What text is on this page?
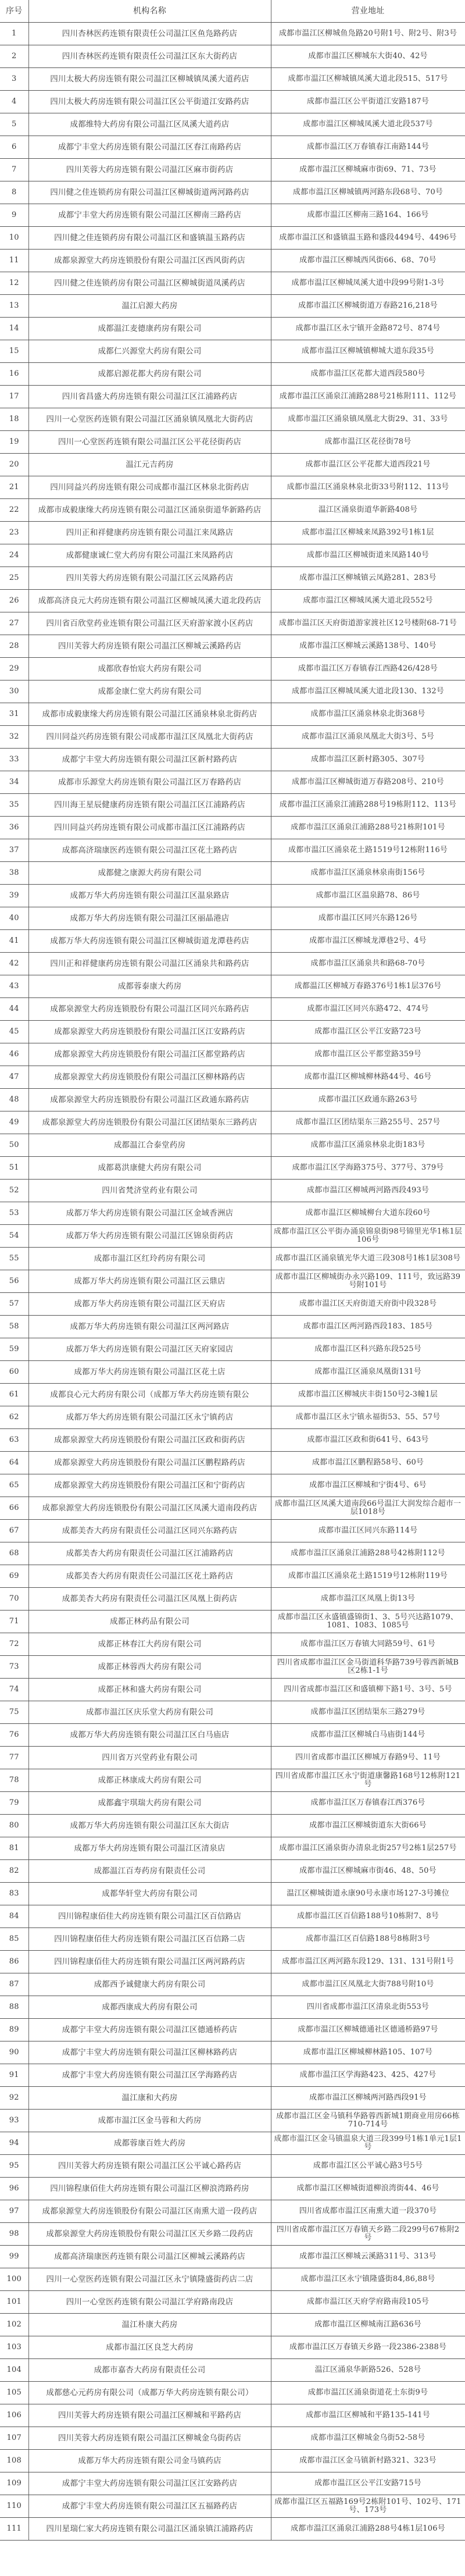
序号	机构名称	营业地址
1	四川杏林医药连锁有限责任公司温江区鱼凫路药店	成都市温江区柳城鱼凫路20号附1号、附2号、附3号
2	四川杏林医药连锁有限责任公司温江区东大街药店	成都市温江区柳城东大街40、42号
3	四川太极大药房连锁有限公司温江区柳城镇凤溪大道药店	成都市温江区柳城镇凤溪大道北段515、517号
4	四川太极大药房连锁有限公司温江区公平街道江安路药店	成都市温江区公平街道江安路187号
5	成都维特大药房有限公司温江区凤溪大道药店	成都市温江区柳城凤溪大道北段537号
6	成都宁丰堂大药房连锁有限公司温江区春江南路药店	成都市温江区万春镇春江南路144号
7	四川芙蓉大药房连锁有限公司温江区麻市街药店	成都市温江区柳城麻市街69、71、73号
8	四川健之佳连锁药房有限公司温江区柳城街道两河路药店	成都市温江区柳城镇两河路东段68号、70号
9	成都宁丰堂大药房连锁有限公司温江区柳南三路药店	成都市温江区柳南三路164、166号
10	四川健之佳连锁药房有限公司温江区和盛镇温玉路药店	成都市温江区和盛镇温玉路和盛段4494号、4496号
11	成都泉源堂大药房连锁股份有限公司温江区西风街药店	成都市温江区柳城西风街66、68、70号
12	四川健之佳连锁药房有限公司温江区柳城街道凤溪药店	成都市温江区柳城凤溪大道中段99号附1-3号
13	温江启源大药房	成都市温江区柳城街道万春路216,218号
14	成都温江麦德康药房有限公司	成都市温江区永宁镇开金路872号、874号
15	成都仁兴源堂大药房有限公司	成都市温江区柳城镇柳城大道东段35号
16	成都启源花都大药房有限公司	成都市温江区花都大道西段580号
17	四川省昌盛大药房连锁有限公司温江区江浦路药店	成都市温江区涌泉江浦路288号21栋附111、112号
18	四川一心堂医药连锁有限公司温江区涌泉镇凤凰北大街药店	成都市温江区涌泉镇凤凰北大街29、31、33号
19	四川一心堂医药连锁有限公司温江区公平花径街药店	成都市温江区花径街78号
20	温江元吉药房	成都市温江区公平花都大道西段21号
21	四川同益兴药房连锁有限公司成都市温江区林泉北街药店	成都市温江区涌泉林泉北街33号附112、113号
22	成都市成毅康缘大药房连锁有限公司温江区涌泉街道华新路药店	温江区涌泉街道华新路408号
23	四川正和祥健康药房连锁有限公司温江来凤路店	成都市温江区柳城来凤路392号1栋1层
24	成都健康诚仁堂大药房有限公司温江来凤路药店	成都市温江区柳城街道来凤路140号
25	四川芙蓉大药房连锁有限公司温江区云凤路药店	成都市温江区柳城镇云凤路281、283号
26	成都高济良元大药房连锁有限公司温江区柳城凤溪大道北段药店	成都市温江区柳城凤溪大道北段552号
27	四川省百欣堂药业连锁有限公司温江区天府游家渡小区药店	成都市温江区天府街道游家渡社区12号楼附68-71号
28	四川芙蓉大药房连锁有限公司温江区柳城云溪路药店	成都市温江区柳城云溪路138号、140号
29	成都欣春怡宸大药房有限公司	成都市温江区万春镇春江西路426/428号
30	成都金康仁堂大药房有限公司	成都市温江区柳城凤溪大道北段130、132号
31	成都市成毅康缘大药房连锁有限公司温江区涌泉林泉北街药店	成都市温江区涌泉林泉北街368号
32	四川同益兴药房连锁有限公司成都市温江区凤凰北大街药店	成都市温江区涌泉凤凰北大街3号、5号
33	成都宁丰堂大药房连锁有限公司温江区新村路药店	成都市温江区新村路305、307号
34	成都市乐源堂大药房连锁有限公司温江区万春路药店	成都市温江区柳城街道万春路208号、210号
35	四川海王星辰健康药房连锁有限公司温江区江浦路药店	成都市温江区涌泉江浦路288号19栋附112、113号
36	四川同益兴药房连锁有限公司成都市温江区江浦路药店	成都市温江区涌泉江浦路288号21栋附101号
37	成都高济瑞康医药连锁有限公司温江区花土路药店	成都市温江区涌泉花土路1519号12栋附116号
38	成都健之康源大药房有限公司	成都市温江区涌泉林泉南街156号
39	成都万华大药房连锁有限公司温江区温泉路店	成都市温江区温泉路78、86号
40	成都万华大药房连锁有限公司温江区丽晶港店	成都市温江区同兴东路126号
41	成都万华大药房连锁有限公司温江区柳城街道龙潭巷药店	成都市温江区柳城龙潭巷2号、4号
42	四川正和祥健康药房连锁有限公司温江区涌泉共和路药店	成都市温江区涌泉共和路68-70号
43	成都蓉泰康大药房	成都温江区柳城万春路376号1栋1层376号
44	成都泉源堂大药房连锁股份有限公司温江区同兴东路药店	成都市温江区同兴东路472、474号
45	成都泉源堂大药房连锁股份有限公司温江区江安路药店	成都市温江区公平江安路723号
46	成都泉源堂大药房连锁股份有限公司温江区都堂路药店	成都市温江区公平都堂路359号
47	成都泉源堂大药房连锁股份有限公司温江区柳林路药店	成都市温江区柳城柳林路44号、46号
48	成都泉源堂大药房连锁股份有限公司温江区政通东路药店	成都市温江区政通东路263号
49	成都泉源堂大药房连锁股份有限公司温江区团结渠东三路药店	成都市温江区团结渠东三路255号、257号
50	成都温江合泰堂药房	成都市温江区涌泉林泉北街183号
51	成都葛洪康健大药房有限公司	成都市温江区学海路375号、377号、379号
52	四川省梵济堂药业有限公司	成都市温江区柳城两河路西段493号
53	成都万华大药房连锁有限公司温江区金域香洲店	成都市温江区柳城柳台大道东段60号
54	成都万华大药房连锁有限公司温江区锦泉街药店	成都市温江区公平街办涌泉锦泉街98号锦里光华1栋1层106号
55	成都市温江区红玲药房有限公司	成都市温江区涌泉镇光华大道三段308号1栋1层308号
56	成都万华大药房连锁有限公司温江区云鼎店	成都市温江区柳城街办永兴路109、111号，致远路39号附101号
57	成都万华大药房连锁有限公司温江区天府店	成都市温江区天府街道天府街中段328号
58	成都万华大药房连锁有限公司温江区两河路店	成都市温江区两河路西段183、185号
59	成都万华大药房连锁有限公司温江区天府家园店	成都市温江区科兴路东段525号
60	成都万华大药房连锁有限公司温江区花土店	成都市温江区涌泉凤凰街131号
61	成都良心元大药房有限公司（成都万华大药房连锁有限公	成都市温江区柳城庆丰街150号2-3幢1层
62	成都万华大药房连锁有限公司温江区永宁镇药店	成都市温江区永宁镇永福街53、55、57号
63	成都泉源堂大药房连锁股份有限公司温江区政和街药店	成都市温江区政和街641号、643号
64	成都泉源堂大药房连锁股份有限公司温江区鹏程路药店	成都市温江区鹏程路58号、60号
65	成都泉源堂大药房连锁股份有限公司温江区和宁街药店	成都市温江区柳城和宁街4号、6号
66	成都泉源堂大药房连锁股份有限公司温江区凤溪大道南段药店	成都市温江区凤溪大道南段66号温江大润发综合超市一层1018号
67	成都美杏大药房有限责任公司温江区同兴东路药店	成都市温江区同兴东路114号
68	成都美杏大药房有限责任公司温江区江浦路药店	成都市温江区涌泉江浦路288号42栋附112号
69	成都美杏大药房有限责任公司温江区花土路药店	成都市温江区涌泉花土路1519号12栋附119号
70	成都美杏大药房有限责任公司温江区凤凰上街药店	成都市温江区凤凰上街13号
71	成都正林药品有限公司	成都市温江区永盛镇盛锦街1、3、5号兴达路1079、1081、1083、1085号
72	成都正林春江大药房有限公司	成都市温江区万春镇大同路59号、61号
73	成都正林蓉西大药房有限公司	四川省成都市温江区金马街道科华路739号蓉西新城B区2栋1-1号
74	成都正林和盛大药房有限公司	四川省成都市温江区和盛镇柳下路1号、3号、5号
75	成都市温江区庆乐堂大药房有限公司	成都市温江区团结渠东三路279号
76	成都万华大药房连锁有限公司温江区白马庙店	成都市温江区柳城白马庙街144号
77	四川省万兴堂药业有限公司	四川省成都市温江区柳城万春路9号、11号
78	成都正林康成大药房有限公司	四川省成都市温江区永宁街道康馨路168号12栋附121号
79	成都鑫宇琪瑞大药房有限公司	成都市温江区万春镇春江西376号
80	成都万华大药房连锁有限公司温江区东大街店	成都市温江区柳城街道东大街66号
81	成都万华大药房连锁有限公司温江区清泉店	成都市温江区涌泉街办清泉北街257号2栋1层257号
82	成都温江百寿药房有限责任公司	成都市温江区柳城麻市街46、48、50号
83	成都华轩堂大药房有限公司	温江区柳城街道永康90号永康市场127-3号摊位
84	四川锦程康佰佳大药房连锁有限公司温江区百信路店	成都市温江区百信路188号10栋附7、8号
85	四川锦程康佰佳大药房连锁有限公司温江区百信路二店	成都市温江区百信路188号8栋附3号
86	四川锦程康佰佳大药房连锁有限公司温江区两河路药店	成都市温江区两河路东段129、131、131号附1号
87	成都西予诚健康大药房有限公司	成都市温江区凤凰北大街788号附10号
88	成都西康成大药房有限公司	四川省成都市温江区清泉北街553号
89	成都宁丰堂大药房连锁有限公司温江区德通桥药店	成都市温江区柳城德通社区德通桥路97号
90	成都宁丰堂大药房连锁有限公司温江区柳林路药店	成都市温江区柳城柳林路105、107号
91	成都宁丰堂大药房连锁有限公司温江区学海路药店	成都市温江区学海路423、425、427号
92	温江康和大药房	成都市温江区柳城两河路西段91号
93	成都市温江区金马蓉和大药房	成都市温江区金马镇科华路蓉西新城1期商业用房66栋710-714号
94	成都蓉康百姓大药房	成都市温江区金马镇温泉大道三段399号1栋1单元1层1号
95	四川芙蓉大药房连锁有限公司温江区公平诚心路药店	成都市温江区公平诚心路3号5号
96	四川锦程康佰佳大药房连锁有限公司温江区柳浪湾路药房	成都市温江区柳城街道柳浪湾街44、46号
97	成都泉源堂大药房连锁股份有限公司温江区南熏大道一段药店	四川省成都市温江区南熏大道一段370号
98	成都泉源堂大药房连锁股份有限公司温江区天乡路二段药店	四川省成都市温江区万春镇天乡路二段299号67栋附2号
99	成都高济瑞康医药连锁有限公司温江区柳城云溪路药店	成都市温江区柳城云溪路311号、313号
100	四川一心堂医药连锁有限公司温江区永宁镇隆盛街药店二店	成都市温江区永宁镇隆盛街84,86,88号
101	四川一心堂医药连锁有限公司温江学府路南段店	成都市温江区天府学府路南段105号
102	温江朴康大药房	成都市温江区柳城南江路636号
103	成都市温江区良芝大药房	成都市温江区万春镇天乡路一段2386-2388号
104	成都市嘉杏大药房有限责任公司	温江区涌泉华新路526、528号
105	成都慈心元药房有限公司（成都万华大药房连锁有限公司）	成都市温江区涌泉街道花土东街9号
106	四川芙蓉大药房连锁有限公司温江区柳城和平路药店	成都市温江区柳城和平路135-141号
107	四川芙蓉大药房连锁有限公司温江区柳城金乌街药店	成都市温江区柳城金乌街52-58号
108	成都万华大药房连锁有限公司金马镇药店	成都市温江区金马镇新村路321、323号
109	成都宁丰堂大药房连锁有限公司温江区江安路药店	成都市温江区公平江安路715号
110	成都宁丰堂大药房连锁有限公司温江区五福路药店	成都市温江区五福路169号2栋附101号、102号、171号、173号
111	四川星瑞仁家大药房连锁有限公司温江区涌泉镇江浦路药店	成都市温江区涌泉江浦路288号4栋1层106号
